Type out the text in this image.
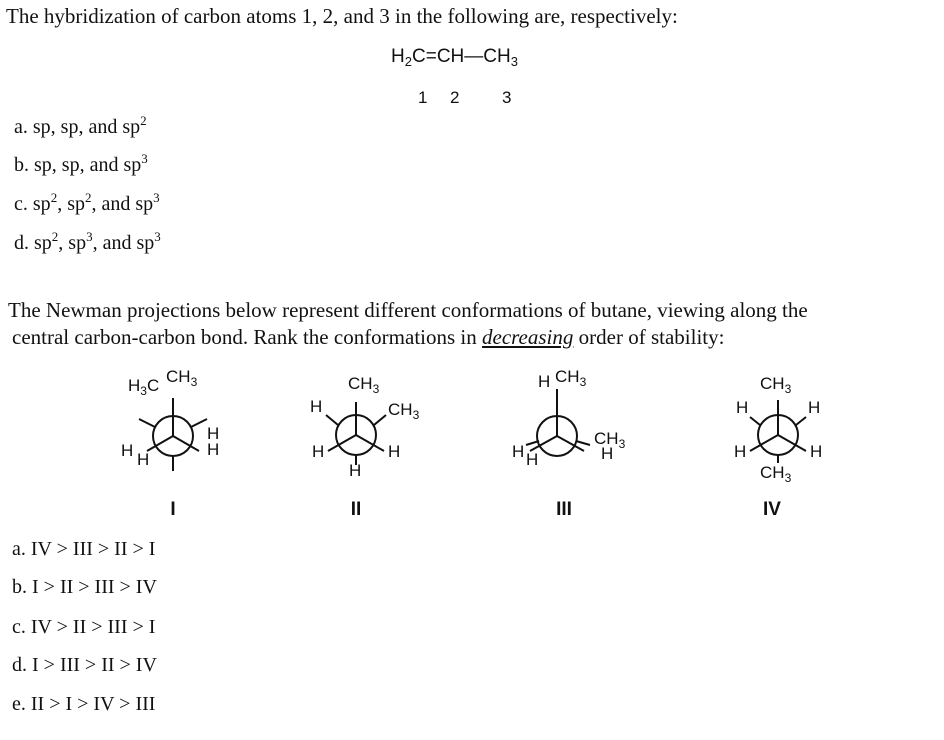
The hybridization of carbon atoms 1, 2, and 3 in the following are, respectively:
$H_2C=CH—CH_3$
1 2	3
a. sp, sp, and $sp^2$
b. sp, sp, and $sp^3$
c. $sp^2$, $sp^2$, and $sp^3$
d. $sp^2$, $sp^3$, and $sp^3$
The Newman projections below represent different conformations of butane, viewing along the
central carbon-carbon bond. Rank the conformations in decreasing order of stability:
$H_3C$ $CH_3$
H
H
H H
$CH_3$
H	$CH_3$
H	H
H
H $CH_3$
H H
$CH_3$
H
$CH_3$
H	H
H	H
$CH_3$
I	II	III	IV
a. IV > III > II > I
b. I > II > III > IV
c. IV > II > III > I
d. I > III > II > IV
e. II > I > IV > III
